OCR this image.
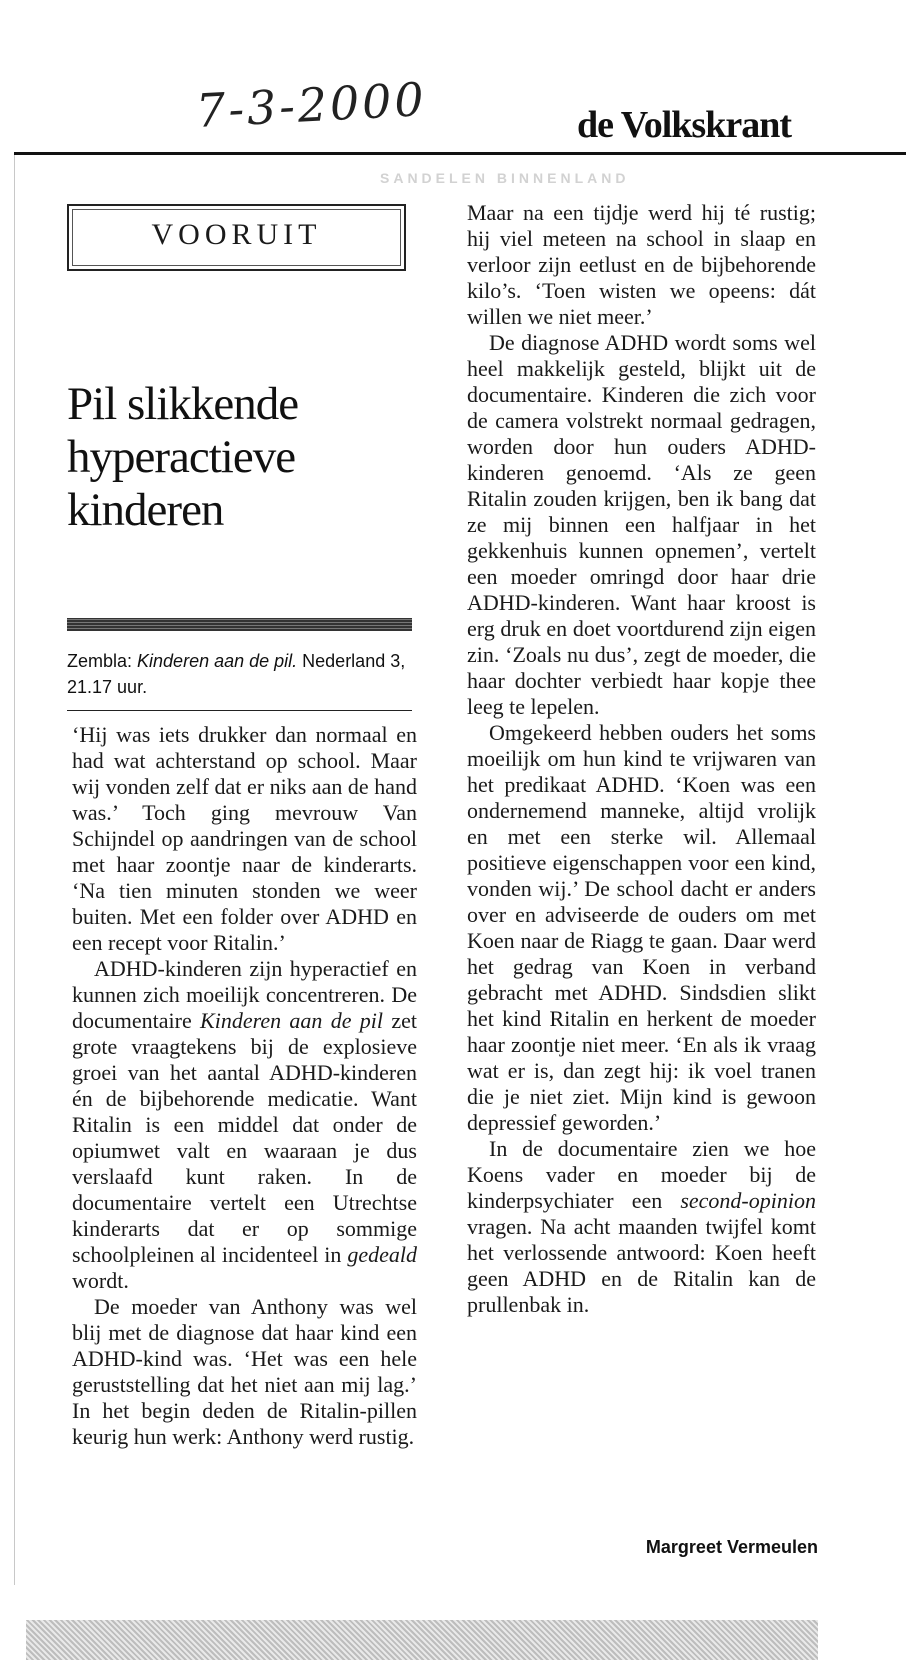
7-3-2000	de Volkskrant
SANDELEN BINNENLAND
VOORUIT
Pil slikkende hyperactieve kinderen
Zembla: Kinderen aan de pil. Nederland 3, 21.17 uur.

‘Hij was iets drukker dan normaal en had wat achterstand op school. Maar wij vonden zelf dat er niks aan de hand was.’ Toch ging mevrouw Van Schijndel op aandringen van de school met haar zoontje naar de kinderarts. ‘Na tien minuten stonden we weer buiten. Met een folder over ADHD en een recept voor Ritalin.’

ADHD-kinderen zijn hyperactief en kunnen zich moeilijk concentreren. De documentaire Kinderen aan de pil zet grote vraagtekens bij de explosieve groei van het aantal ADHD-kinderen én de bijbehorende medicatie. Want Ritalin is een middel dat onder de opiumwet valt en waaraan je dus verslaafd kunt raken. In de documentaire vertelt een Utrechtse kinderarts dat er op sommige schoolpleinen al incidenteel in gedeald wordt.

De moeder van Anthony was wel blij met de diagnose dat haar kind een ADHD-kind was. ‘Het was een hele geruststelling dat het niet aan mij lag.’ In het begin deden de Ritalin-pillen keurig hun werk: Anthony werd rustig.

Maar na een tijdje werd hij té rustig; hij viel meteen na school in slaap en verloor zijn eetlust en de bijbehorende kilo’s. ‘Toen wisten we opeens: dát willen we niet meer.’

De diagnose ADHD wordt soms wel heel makkelijk gesteld, blijkt uit de documentaire. Kinderen die zich voor de camera volstrekt normaal gedragen, worden door hun ouders ADHD-kinderen genoemd. ‘Als ze geen Ritalin zouden krijgen, ben ik bang dat ze mij binnen een halfjaar in het gekkenhuis kunnen opnemen’, vertelt een moeder omringd door haar drie ADHD-kinderen. Want haar kroost is erg druk en doet voortdurend zijn eigen zin. ‘Zoals nu dus’, zegt de moeder, die haar dochter verbiedt haar kopje thee leeg te lepelen.

Omgekeerd hebben ouders het soms moeilijk om hun kind te vrijwaren van het predikaat ADHD. ‘Koen was een ondernemend manneke, altijd vrolijk en met een sterke wil. Allemaal positieve eigenschappen voor een kind, vonden wij.’ De school dacht er anders over en adviseerde de ouders om met Koen naar de Riagg te gaan. Daar werd het gedrag van Koen in verband gebracht met ADHD. Sindsdien slikt het kind Ritalin en herkent de moeder haar zoontje niet meer. ‘En als ik vraag wat er is, dan zegt hij: ik voel tranen die je niet ziet. Mijn kind is gewoon depressief geworden.’

In de documentaire zien we hoe Koens vader en moeder bij de kinderpsychiater een second-opinion vragen. Na acht maanden twijfel komt het verlossende antwoord: Koen heeft geen ADHD en de Ritalin kan de prullenbak in.

Margreet Vermeulen
